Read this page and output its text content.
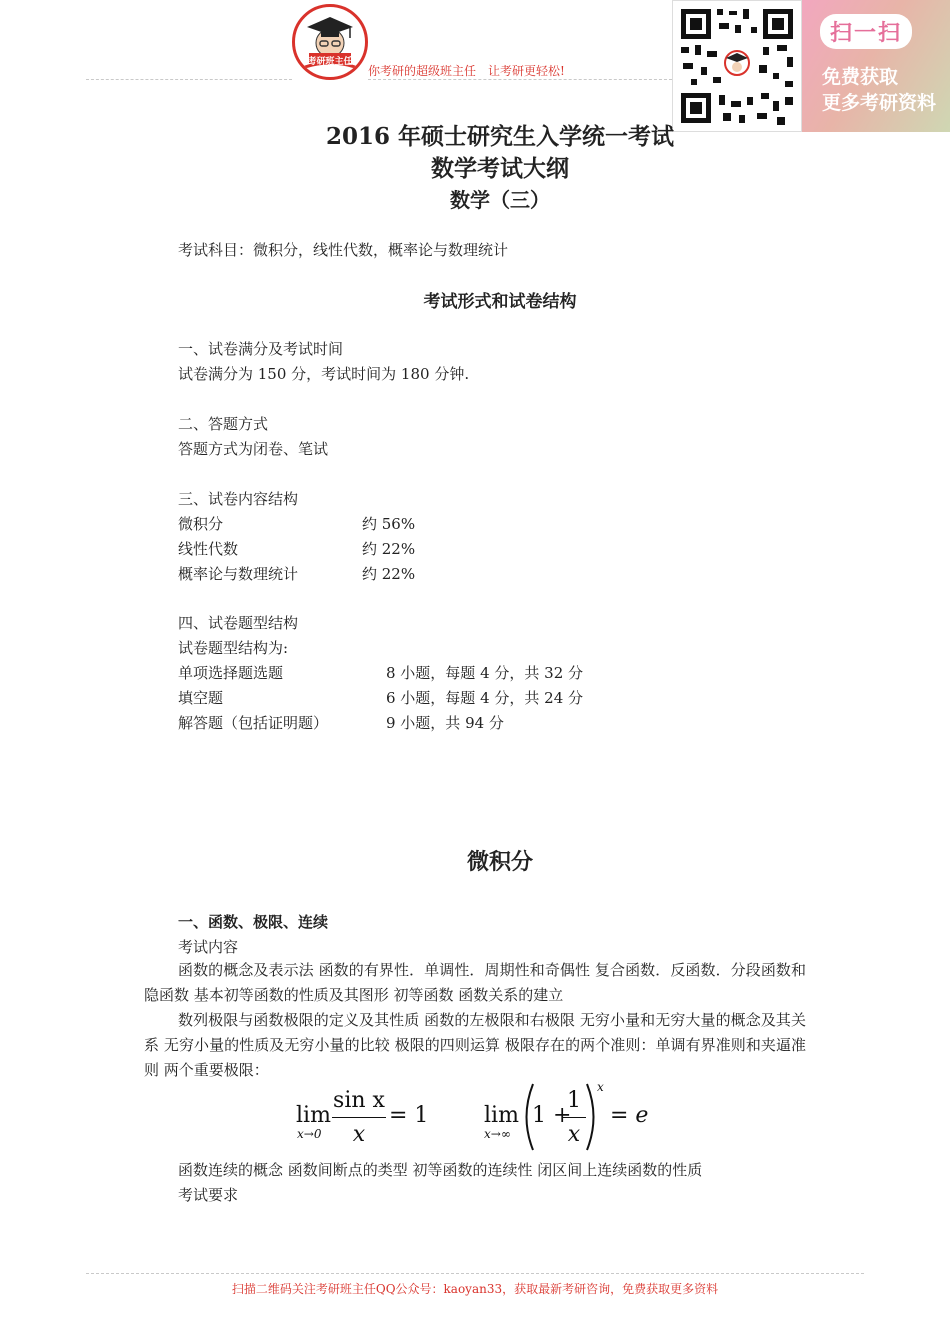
考研班主任
你考研的超级班主任　让考研更轻松!
扫一扫
免费获取
更多考研资料
2016 年硕士研究生入学统一考试
数学考试大纲
数学（三）
考试科目：微积分，线性代数，概率论与数理统计
考试形式和试卷结构
一、试卷满分及考试时间
试卷满分为 150 分，考试时间为 180 分钟.
二、答题方式
答题方式为闭卷、笔试
三、试卷内容结构
微积分	约 56%
线性代数	约 22%
概率论与数理统计	约 22%
四、试卷题型结构
试卷题型结构为:
单项选择题选题	8 小题，每题 4 分，共 32 分
填空题	6 小题，每题 4 分，共 24 分
解答题（包括证明题）	9 小题，共 94 分
微积分
一、函数、极限、连续
考试内容
函数的概念及表示法 函数的有界性．单调性．周期性和奇偶性 复合函数．反函数．分段函数和隐函数 基本初等函数的性质及其图形 初等函数 函数关系的建立
数列极限与函数极限的定义及其性质 函数的左极限和右极限 无穷小量和无穷大量的概念及其关系 无穷小量的性质及无穷小量的比较 极限的四则运算 极限存在的两个准则：单调有界准则和夹逼准则 两个重要极限：
lim
x→0
sin x
x
= 1	lim
x→∞
1 +
1
x
x
= e
函数连续的概念 函数间断点的类型 初等函数的连续性 闭区间上连续函数的性质
考试要求
扫描二维码关注考研班主任QQ公众号：kaoyan33，获取最新考研咨询，免费获取更多资料
